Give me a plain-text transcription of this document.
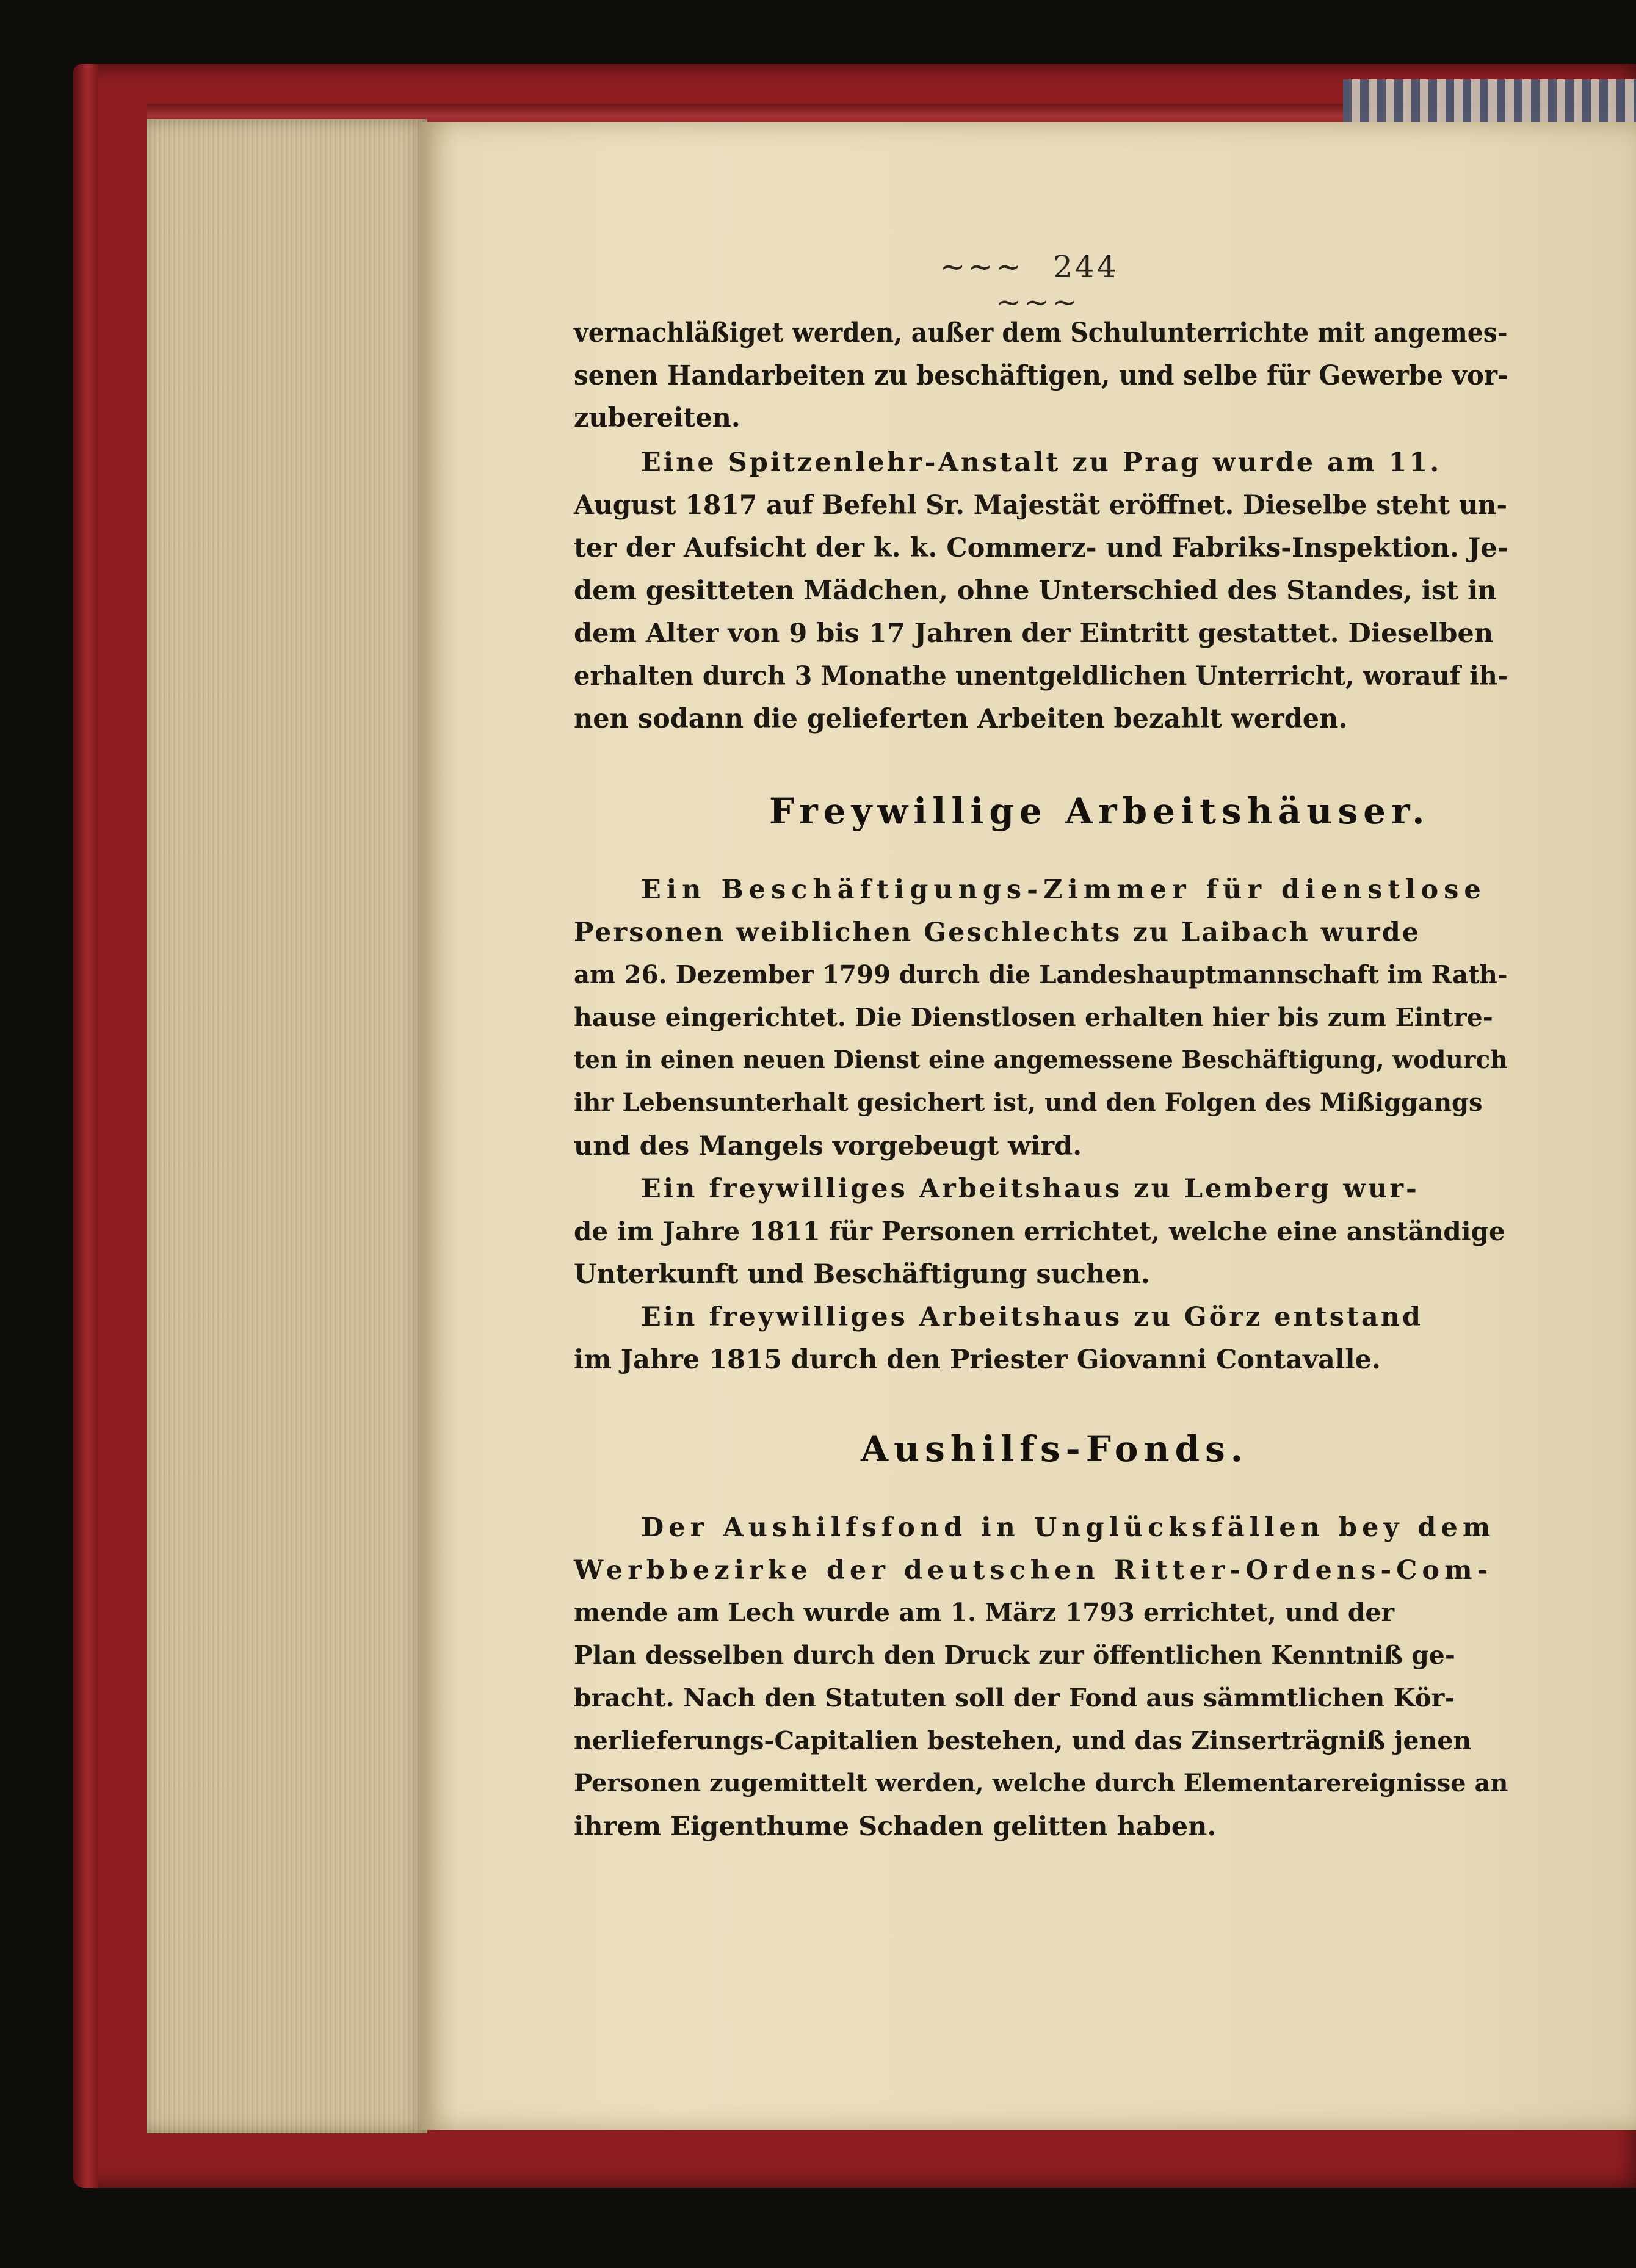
~~~ 244 ~~~
vernachläßiget werden, außer dem Schulunterrichte mit angemes-
senen Handarbeiten zu beschäftigen, und selbe für Gewerbe vor-
zubereiten.
Eine Spitzenlehr-Anstalt zu Prag wurde am 11.
August 1817 auf Befehl Sr. Majestät eröffnet. Dieselbe steht un-
ter der Aufsicht der k. k. Commerz- und Fabriks-Inspektion. Je-
dem gesitteten Mädchen, ohne Unterschied des Standes, ist in
dem Alter von 9 bis 17 Jahren der Eintritt gestattet. Dieselben
erhalten durch 3 Monathe unentgeldlichen Unterricht, worauf ih-
nen sodann die gelieferten Arbeiten bezahlt werden.
Freywillige Arbeitshäuser.
Ein Beschäftigungs-Zimmer für dienstlose
Personen weiblichen Geschlechts zu Laibach wurde
am 26. Dezember 1799 durch die Landeshauptmannschaft im Rath-
hause eingerichtet. Die Dienstlosen erhalten hier bis zum Eintre-
ten in einen neuen Dienst eine angemessene Beschäftigung, wodurch
ihr Lebensunterhalt gesichert ist, und den Folgen des Mißiggangs
und des Mangels vorgebeugt wird.
Ein freywilliges Arbeitshaus zu Lemberg wur-
de im Jahre 1811 für Personen errichtet, welche eine anständige
Unterkunft und Beschäftigung suchen.
Ein freywilliges Arbeitshaus zu Görz entstand
im Jahre 1815 durch den Priester Giovanni Contavalle.
Aushilfs-Fonds.
Der Aushilfsfond in Unglücksfällen bey dem
Werbbezirke der deutschen Ritter-Ordens-Com-
mende am Lech wurde am 1. März 1793 errichtet, und der
Plan desselben durch den Druck zur öffentlichen Kenntniß ge-
bracht. Nach den Statuten soll der Fond aus sämmtlichen Kör-
nerlieferungs-Capitalien bestehen, und das Zinserträgniß jenen
Personen zugemittelt werden, welche durch Elementarereignisse an
ihrem Eigenthume Schaden gelitten haben.
